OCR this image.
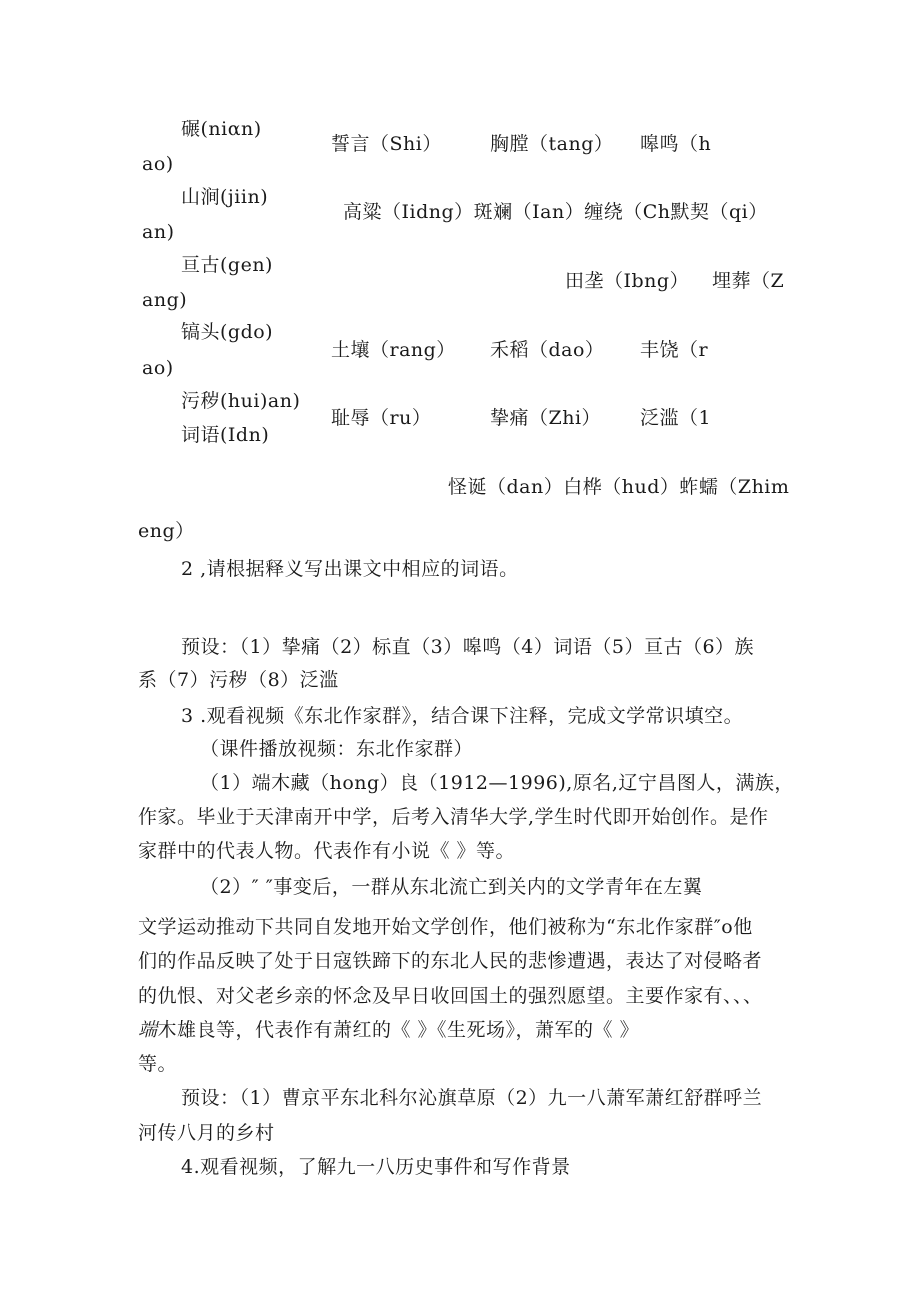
碾(niαn)
ao)
誓言（Shi）	胸膛（tang） 嗥鸣（h
山涧(jiin)
an)
高粱（Iidng）斑斓（Ian）缠绕（Ch默契（qi）
亘古(gen)
ang)
田垄（Ibng） 埋葬（Z
镐头(gdo)
ao)
土壤（rang） 禾稻（dao） 丰饶（r
污秽(hui)an)
词语(Idn)
耻辱（ru）	挚痛（Zhi） 泛滥（1
怪诞（dan）白桦（hud）蚱蠕（Zhim
eng）
2 ,请根据释义写出课文中相应的词语。
预设：（1）挚痛（2）标直（3）嗥鸣（4）词语（5）亘古（6）族
系（7）污秽（8）泛滥
3 .观看视频《东北作家群》，结合课下注释，完成文学常识填空。
（课件播放视频：东北作家群）
（1）端木藏（hong）良（1912—1996),原名,辽宁昌图人，满族，
作家。毕业于天津南开中学，后考入清华大学,学生时代即开始创作。是作
家群中的代表人物。代表作有小说《 》等。
（2）″ ″事变后，一群从东北流亡到关内的文学青年在左翼
文学运动推动下共同自发地开始文学创作，他们被称为“东北作家群″o他
们的作品反映了处于日寇铁蹄下的东北人民的悲惨遭遇，表达了对侵略者
的仇恨、对父老乡亲的怀念及早日收回国土的强烈愿望。主要作家有、、、
端木雄良等，代表作有萧红的《 》《生死场》，萧军的《 》
等。
预设：（1）曹京平东北科尔沁旗草原（2）九一八萧军萧红舒群呼兰
河传八月的乡村
4.观看视频，了解九一八历史事件和写作背景
